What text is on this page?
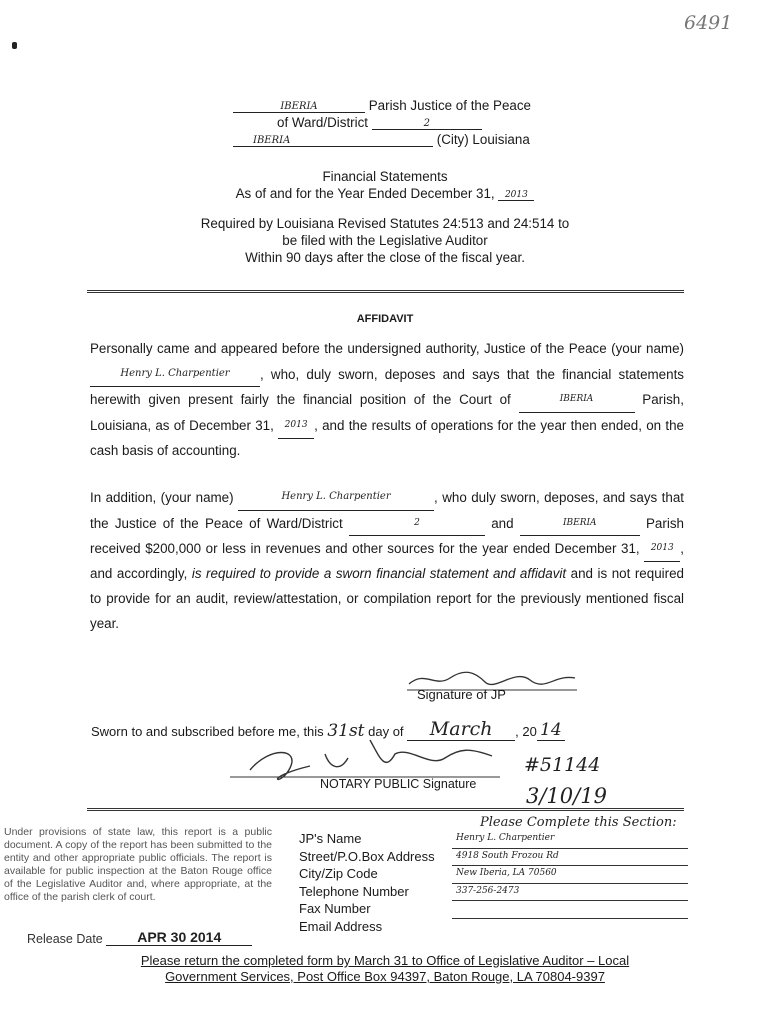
6491
IBERIA	Parish Justice of the Peace
of Ward/District	2
IBERIA	(City) Louisiana
Financial Statements
As of and for the Year Ended December 31, 2013
Required by Louisiana Revised Statutes 24:513 and 24:514 to
be filed with the Legislative Auditor
Within 90 days after the close of the fiscal year.
AFFIDAVIT
Personally came and appeared before the undersigned authority, Justice of the Peace (your name) Henry L. Charpentier , who, duly sworn, deposes and says that the financial statements herewith given present fairly the financial position of the Court of	IBERIA	Parish, Louisiana, as of December 31, 2013 , and the results of operations for the year then ended, on the cash basis of accounting.
In addition, (your name)	Henry L. Charpentier	, who duly sworn, deposes, and says that the Justice of the Peace of Ward/District	2	and	IBERIA	Parish received $200,000 or less in revenues and other sources for the year ended December 31, 2013 , and accordingly, is required to provide a sworn financial statement and affidavit and is not required to provide for an audit, review/attestation, or compilation report for the previously mentioned fiscal year.
Signature of JP
Sworn to and subscribed before me, this 31st day of March , 20 14
NOTARY PUBLIC Signature
#51144
3/10/19
Under provisions of state law, this report is a public document. A copy of the report has been submitted to the entity and other appropriate public officials. The report is available for public inspection at the Baton Rouge office of the Legislative Auditor and, where appropriate, at the office of the parish clerk of court.
Release Date APR 30 2014
Please Complete this Section:
JP's Name	Henry L. Charpentier
Street/P.O.Box Address	4918 South Frozou Rd
City/Zip Code	New Iberia, LA 70560
Telephone Number	337-256-2473
Fax Number
Email Address
Please return the completed form by March 31 to Office of Legislative Auditor – Local
Government Services, Post Office Box 94397, Baton Rouge, LA 70804-9397
